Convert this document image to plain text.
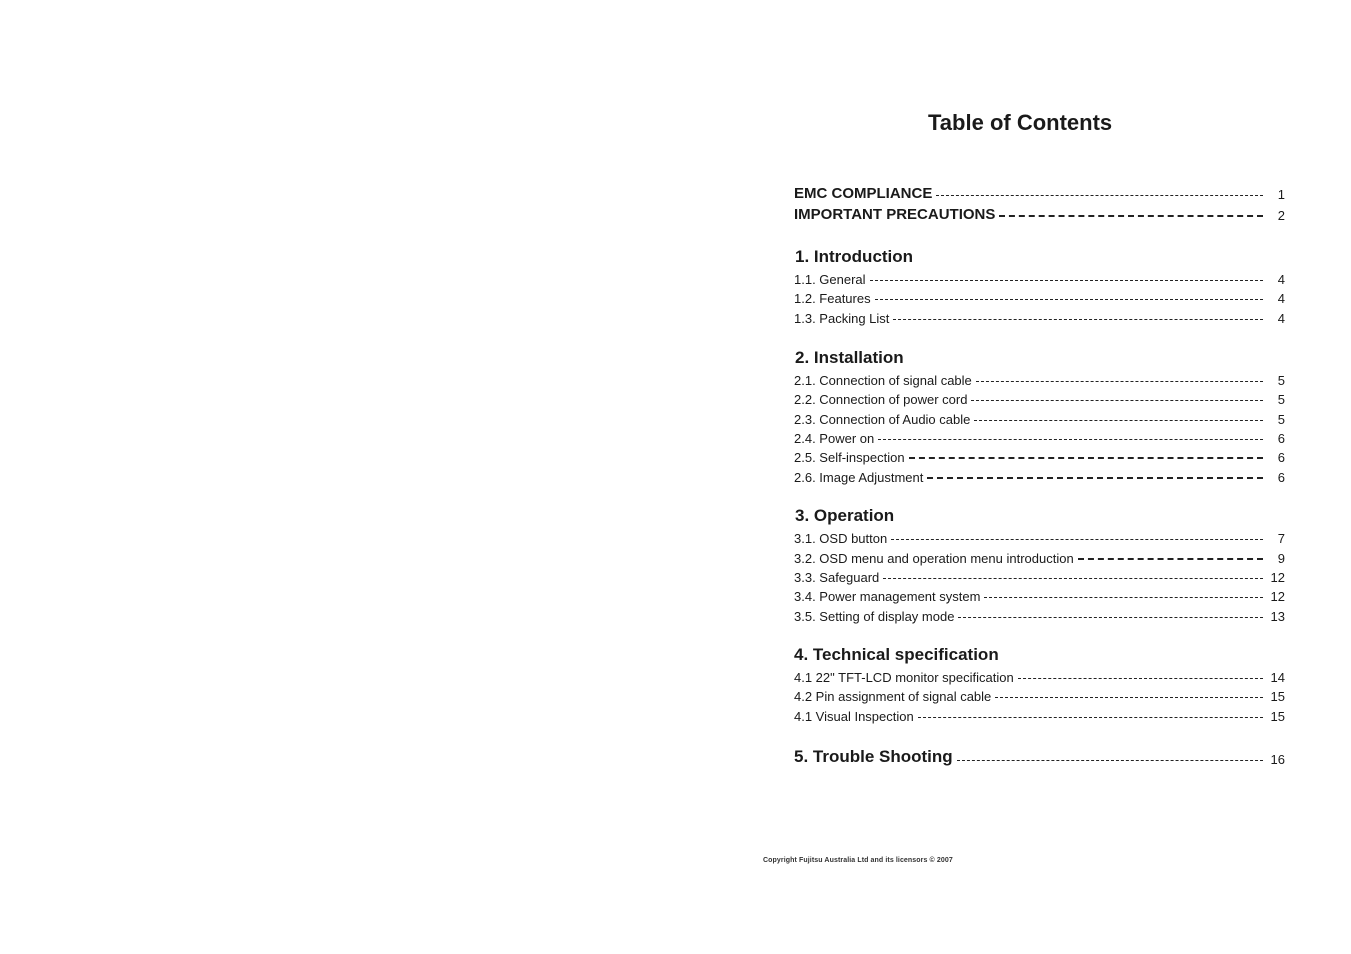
Table of Contents
EMC COMPLIANCE	1
IMPORTANT PRECAUTIONS	2
1. Introduction
1.1. General	4
1.2. Features	4
1.3. Packing List	4
2. Installation
2.1. Connection of signal cable	5
2.2. Connection of power cord	5
2.3. Connection of Audio cable	5
2.4. Power on	6
2.5. Self-inspection	6
2.6. Image Adjustment	6
3. Operation
3.1. OSD button	7
3.2. OSD menu and operation menu introduction	9
3.3. Safeguard	12
3.4. Power management system	12
3.5. Setting of display mode	13
4. Technical specification
4.1 22" TFT-LCD monitor specification	14
4.2 Pin assignment of signal cable	15
4.1 Visual Inspection	15
5. Trouble Shooting	16
Copyright Fujitsu Australia Ltd and its licensors © 2007
